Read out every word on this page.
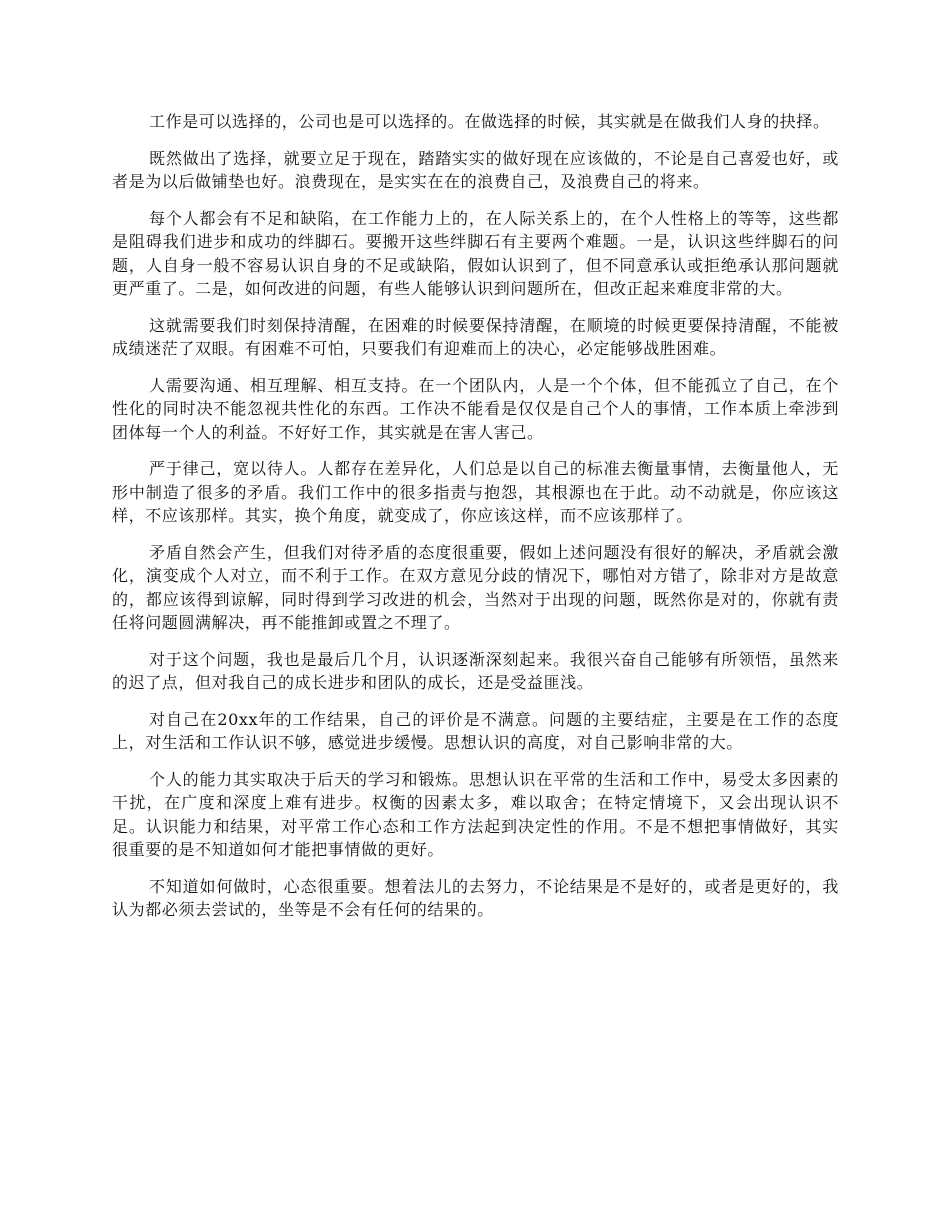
工作是可以选择的，公司也是可以选择的。在做选择的时候，其实就是在做我们人身的抉择。

既然做出了选择，就要立足于现在，踏踏实实的做好现在应该做的，不论是自己喜爱也好，或者是为以后做铺垫也好。浪费现在，是实实在在的浪费自己，及浪费自己的将来。

每个人都会有不足和缺陷，在工作能力上的，在人际关系上的，在个人性格上的等等，这些都是阻碍我们进步和成功的绊脚石。要搬开这些绊脚石有主要两个难题。一是，认识这些绊脚石的问题，人自身一般不容易认识自身的不足或缺陷，假如认识到了，但不同意承认或拒绝承认那问题就更严重了。二是，如何改进的问题，有些人能够认识到问题所在，但改正起来难度非常的大。

这就需要我们时刻保持清醒，在困难的时候要保持清醒，在顺境的时候更要保持清醒，不能被成绩迷茫了双眼。有困难不可怕，只要我们有迎难而上的决心，必定能够战胜困难。

人需要沟通、相互理解、相互支持。在一个团队内，人是一个个体，但不能孤立了自己，在个性化的同时决不能忽视共性化的东西。工作决不能看是仅仅是自己个人的事情，工作本质上牵涉到团体每一个人的利益。不好好工作，其实就是在害人害己。

严于律己，宽以待人。人都存在差异化，人们总是以自己的标准去衡量事情，去衡量他人，无形中制造了很多的矛盾。我们工作中的很多指责与抱怨，其根源也在于此。动不动就是，你应该这样，不应该那样。其实，换个角度，就变成了，你应该这样，而不应该那样了。

矛盾自然会产生，但我们对待矛盾的态度很重要，假如上述问题没有很好的解决，矛盾就会激化，演变成个人对立，而不利于工作。在双方意见分歧的情况下，哪怕对方错了，除非对方是故意的，都应该得到谅解，同时得到学习改进的机会，当然对于出现的问题，既然你是对的，你就有责任将问题圆满解决，再不能推卸或置之不理了。

对于这个问题，我也是最后几个月，认识逐渐深刻起来。我很兴奋自己能够有所领悟，虽然来的迟了点，但对我自己的成长进步和团队的成长，还是受益匪浅。

对自己在20xx年的工作结果，自己的评价是不满意。问题的主要结症，主要是在工作的态度上，对生活和工作认识不够，感觉进步缓慢。思想认识的高度，对自己影响非常的大。

个人的能力其实取决于后天的学习和锻炼。思想认识在平常的生活和工作中，易受太多因素的干扰，在广度和深度上难有进步。权衡的因素太多，难以取舍；在特定情境下，又会出现认识不足。认识能力和结果，对平常工作心态和工作方法起到决定性的作用。不是不想把事情做好，其实很重要的是不知道如何才能把事情做的更好。

不知道如何做时，心态很重要。想着法儿的去努力，不论结果是不是好的，或者是更好的，我认为都必须去尝试的，坐等是不会有任何的结果的。
